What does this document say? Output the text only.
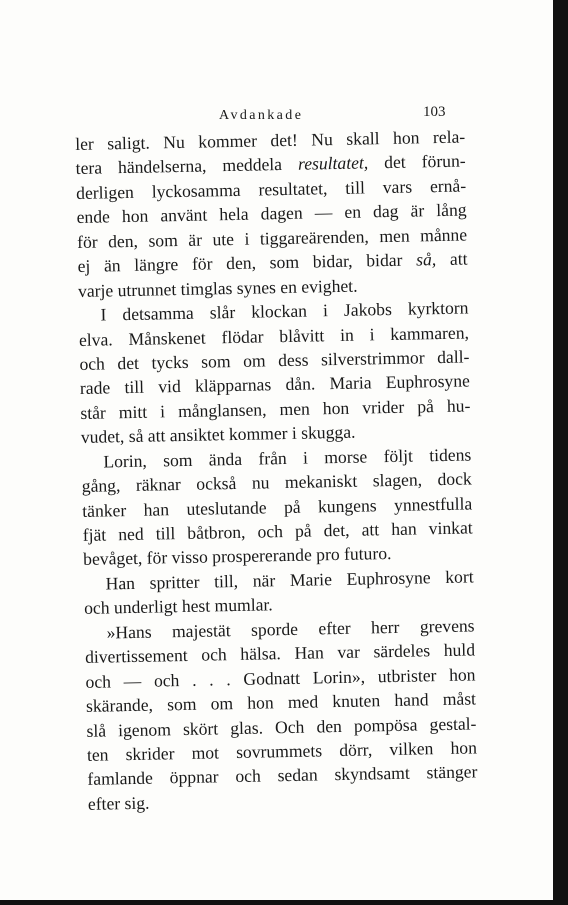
Avdankade	103
ler saligt. Nu kommer det! Nu skall hon rela-
tera händelserna, meddela resultatet, det förun-
derligen lyckosamma resultatet, till vars ernå-
ende hon använt hela dagen — en dag är lång
för den, som är ute i tiggareärenden, men månne
ej än längre för den, som bidar, bidar så, att
varje utrunnet timglas synes en evighet.
I detsamma slår klockan i Jakobs kyrktorn
elva. Månskenet flödar blåvitt in i kammaren,
och det tycks som om dess silverstrimmor dall-
rade till vid kläpparnas dån. Maria Euphrosyne
står mitt i månglansen, men hon vrider på hu-
vudet, så att ansiktet kommer i skugga.
Lorin, som ända från i morse följt tidens
gång, räknar också nu mekaniskt slagen, dock
tänker han uteslutande på kungens ynnestfulla
fjät ned till båtbron, och på det, att han vinkat
bevåget, för visso prospererande pro futuro.
Han spritter till, när Marie Euphrosyne kort
och underligt hest mumlar.
»Hans majestät sporde efter herr grevens
divertissement och hälsa. Han var särdeles huld
och — och . . . Godnatt Lorin», utbrister hon
skärande, som om hon med knuten hand måst
slå igenom skört glas. Och den pompösa gestal-
ten skrider mot sovrummets dörr, vilken hon
famlande öppnar och sedan skyndsamt stänger
efter sig.
